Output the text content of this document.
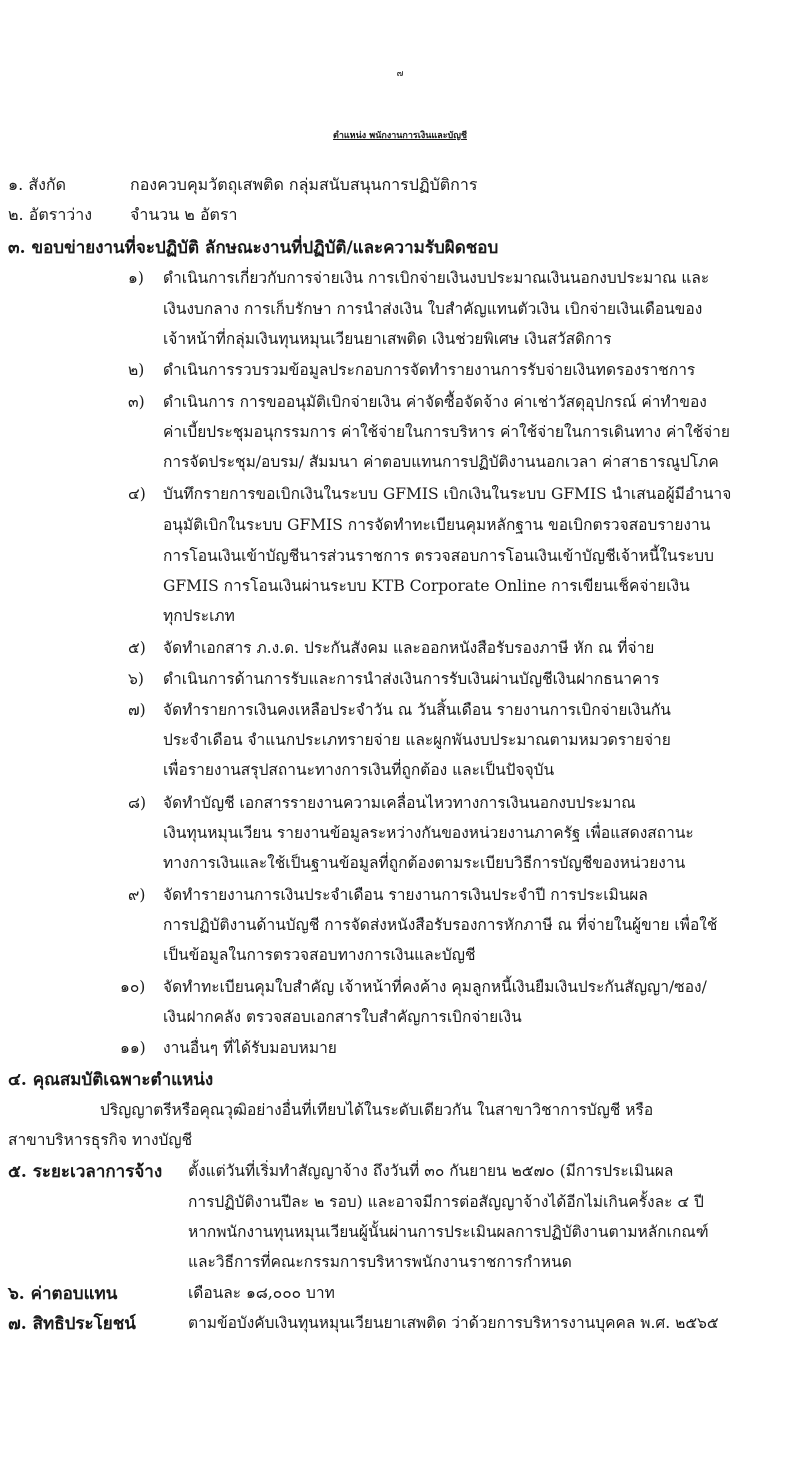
๗
ตำแหน่ง พนักงานการเงินและบัญชี
๑. สังกัด	กองควบคุมวัตถุเสพติด กลุ่มสนับสนุนการปฏิบัติการ
๒. อัตราว่าง จำนวน ๒ อัตรา
๓. ขอบข่ายงานที่จะปฏิบัติ ลักษณะงานที่ปฏิบัติ/และความรับผิดชอบ
๑) ดำเนินการเกี่ยวกับการจ่ายเงิน การเบิกจ่ายเงินงบประมาณเงินนอกงบประมาณ และ
เงินงบกลาง การเก็บรักษา การนำส่งเงิน ใบสำคัญแทนตัวเงิน เบิกจ่ายเงินเดือนของ
เจ้าหน้าที่กลุ่มเงินทุนหมุนเวียนยาเสพติด เงินช่วยพิเศษ เงินสวัสดิการ
๒) ดำเนินการรวบรวมข้อมูลประกอบการจัดทำรายงานการรับจ่ายเงินทดรองราชการ
๓) ดำเนินการ การขออนุมัติเบิกจ่ายเงิน ค่าจัดซื้อจัดจ้าง ค่าเช่าวัสดุอุปกรณ์ ค่าทำของ
ค่าเบี้ยประชุมอนุกรรมการ ค่าใช้จ่ายในการบริหาร ค่าใช้จ่ายในการเดินทาง ค่าใช้จ่าย
การจัดประชุม/อบรม/ สัมมนา ค่าตอบแทนการปฏิบัติงานนอกเวลา ค่าสาธารณูปโภค
๔) บันทึกรายการขอเบิกเงินในระบบ GFMIS เบิกเงินในระบบ GFMIS นำเสนอผู้มีอำนาจ
อนุมัติเบิกในระบบ GFMIS การจัดทำทะเบียนคุมหลักฐาน ขอเบิกตรวจสอบรายงาน
การโอนเงินเข้าบัญชีนารส่วนราชการ ตรวจสอบการโอนเงินเข้าบัญชีเจ้าหนี้ในระบบ
GFMIS การโอนเงินผ่านระบบ KTB Corporate Online การเขียนเช็คจ่ายเงิน
ทุกประเภท
๕) จัดทำเอกสาร ภ.ง.ด. ประกันสังคม และออกหนังสือรับรองภาษี หัก ณ ที่จ่าย
๖) ดำเนินการด้านการรับและการนำส่งเงินการรับเงินผ่านบัญชีเงินฝากธนาคาร
๗) จัดทำรายการเงินคงเหลือประจำวัน ณ วันสิ้นเดือน รายงานการเบิกจ่ายเงินกัน
ประจำเดือน จำแนกประเภทรายจ่าย และผูกพันงบประมาณตามหมวดรายจ่าย
เพื่อรายงานสรุปสถานะทางการเงินที่ถูกต้อง และเป็นปัจจุบัน
๘) จัดทำบัญชี เอกสารรายงานความเคลื่อนไหวทางการเงินนอกงบประมาณ
เงินทุนหมุนเวียน รายงานข้อมูลระหว่างกันของหน่วยงานภาครัฐ เพื่อแสดงสถานะ
ทางการเงินและใช้เป็นฐานข้อมูลที่ถูกต้องตามระเบียบวิธีการบัญชีของหน่วยงาน
๙) จัดทำรายงานการเงินประจำเดือน รายงานการเงินประจำปี การประเมินผล
การปฏิบัติงานด้านบัญชี การจัดส่งหนังสือรับรองการหักภาษี ณ ที่จ่ายในผู้ขาย เพื่อใช้
เป็นข้อมูลในการตรวจสอบทางการเงินและบัญชี
๑๐) จัดทำทะเบียนคุมใบสำคัญ เจ้าหน้าที่คงค้าง คุมลูกหนี้เงินยืมเงินประกันสัญญา/ซอง/
เงินฝากคลัง ตรวจสอบเอกสารใบสำคัญการเบิกจ่ายเงิน
๑๑) งานอื่นๆ ที่ได้รับมอบหมาย
๔. คุณสมบัติเฉพาะตำแหน่ง
ปริญญาตรีหรือคุณวุฒิอย่างอื่นที่เทียบได้ในระดับเดียวกัน ในสาขาวิชาการบัญชี หรือ
สาขาบริหารธุรกิจ ทางบัญชี
๕. ระยะเวลาการจ้าง ตั้งแต่วันที่เริ่มทำสัญญาจ้าง ถึงวันที่ ๓๐ กันยายน ๒๕๗๐ (มีการประเมินผล
การปฏิบัติงานปีละ ๒ รอบ) และอาจมีการต่อสัญญาจ้างได้อีกไม่เกินครั้งละ ๔ ปี
หากพนักงานทุนหมุนเวียนผู้นั้นผ่านการประเมินผลการปฏิบัติงานตามหลักเกณฑ์
และวิธีการที่คณะกรรมการบริหารพนักงานราชการกำหนด
๖. ค่าตอบแทน	เดือนละ ๑๘,๐๐๐ บาท
๗. สิทธิประโยชน์	ตามข้อบังคับเงินทุนหมุนเวียนยาเสพติด ว่าด้วยการบริหารงานบุคคล พ.ศ. ๒๕๖๕
